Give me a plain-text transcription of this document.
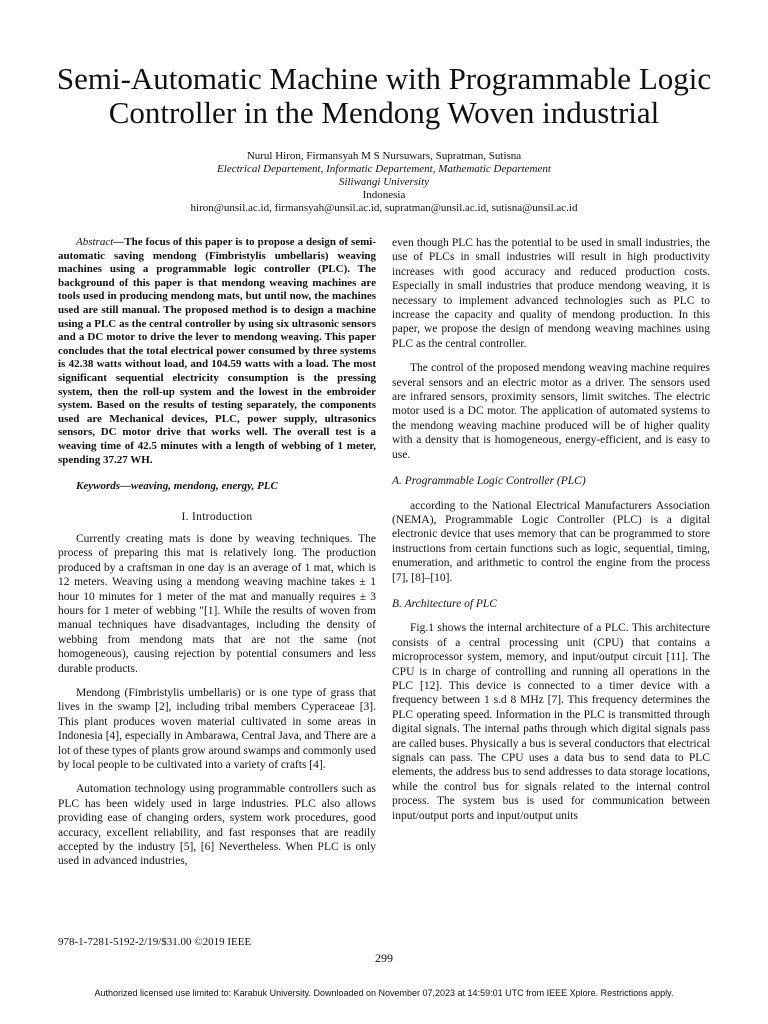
Semi-Automatic Machine with Programmable Logic Controller in the Mendong Woven industrial
Nurul Hiron, Firmansyah M S Nursuwars, Supratman, Sutisna
Electrical Departement, Informatic Departement, Mathematic Departement
Siliwangi University
Indonesia
hiron@unsil.ac.id, firmansyah@unsil.ac.id, supratman@unsil.ac.id, sutisna@unsil.ac.id

Abstract—The focus of this paper is to propose a design of semi-automatic saving mendong (Fimbristylis umbellaris) weaving machines using a programmable logic controller (PLC). The background of this paper is that mendong weaving machines are tools used in producing mendong mats, but until now, the machines used are still manual. The proposed method is to design a machine using a PLC as the central controller by using six ultrasonic sensors and a DC motor to drive the lever to mendong weaving. This paper concludes that the total electrical power consumed by three systems is 42.38 watts without load, and 104.59 watts with a load. The most significant sequential electricity consumption is the pressing system, then the roll-up system and the lowest in the embroider system. Based on the results of testing separately, the components used are Mechanical devices, PLC, power supply, ultrasonics sensors, DC motor drive that works well. The overall test is a weaving time of 42.5 minutes with a length of webbing of 1 meter, spending 37.27 WH.

Keywords—weaving, mendong, energy, PLC

I. Introduction

Currently creating mats is done by weaving techniques. The process of preparing this mat is relatively long. The production produced by a craftsman in one day is an average of 1 mat, which is 12 meters. Weaving using a mendong weaving machine takes ± 1 hour 10 minutes for 1 meter of the mat and manually requires ± 3 hours for 1 meter of webbing "[1]. While the results of woven from manual techniques have disadvantages, including the density of webbing from mendong mats that are not the same (not homogeneous), causing rejection by potential consumers and less durable products.

Mendong (Fimbristylis umbellaris) or is one type of grass that lives in the swamp [2], including tribal members Cyperaceae [3]. This plant produces woven material cultivated in some areas in Indonesia [4], especially in Ambarawa, Central Java, and There are a lot of these types of plants grow around swamps and commonly used by local people to be cultivated into a variety of crafts [4].

Automation technology using programmable controllers such as PLC has been widely used in large industries. PLC also allows providing ease of changing orders, system work procedures, good accuracy, excellent reliability, and fast responses that are readily accepted by the industry [5], [6] Nevertheless. When PLC is only used in advanced industries,

even though PLC has the potential to be used in small industries, the use of PLCs in small industries will result in high productivity increases with good accuracy and reduced production costs. Especially in small industries that produce mendong weaving, it is necessary to implement advanced technologies such as PLC to increase the capacity and quality of mendong production. In this paper, we propose the design of mendong weaving machines using PLC as the central controller.

The control of the proposed mendong weaving machine requires several sensors and an electric motor as a driver. The sensors used are infrared sensors, proximity sensors, limit switches. The electric motor used is a DC motor. The application of automated systems to the mendong weaving machine produced will be of higher quality with a density that is homogeneous, energy-efficient, and is easy to use.

A. Programmable Logic Controller (PLC)

according to the National Electrical Manufacturers Association (NEMA), Programmable Logic Controller (PLC) is a digital electronic device that uses memory that can be programmed to store instructions from certain functions such as logic, sequential, timing, enumeration, and arithmetic to control the engine from the process [7], [8]–[10].

B. Architecture of PLC

Fig.1 shows the internal architecture of a PLC. This architecture consists of a central processing unit (CPU) that contains a microprocessor system, memory, and input/output circuit [11]. The CPU is in charge of controlling and running all operations in the PLC [12]. This device is connected to a timer device with a frequency between 1 s.d 8 MHz [7]. This frequency determines the PLC operating speed. Information in the PLC is transmitted through digital signals. The internal paths through which digital signals pass are called buses. Physically a bus is several conductors that electrical signals can pass. The CPU uses a data bus to send data to PLC elements, the address bus to send addresses to data storage locations, while the control bus for signals related to the internal control process. The system bus is used for communication between input/output ports and input/output units

978-1-7281-5192-2/19/$31.00 ©2019 IEEE
299
Authorized licensed use limited to: Karabuk University. Downloaded on November 07,2023 at 14:59:01 UTC from IEEE Xplore. Restrictions apply.
